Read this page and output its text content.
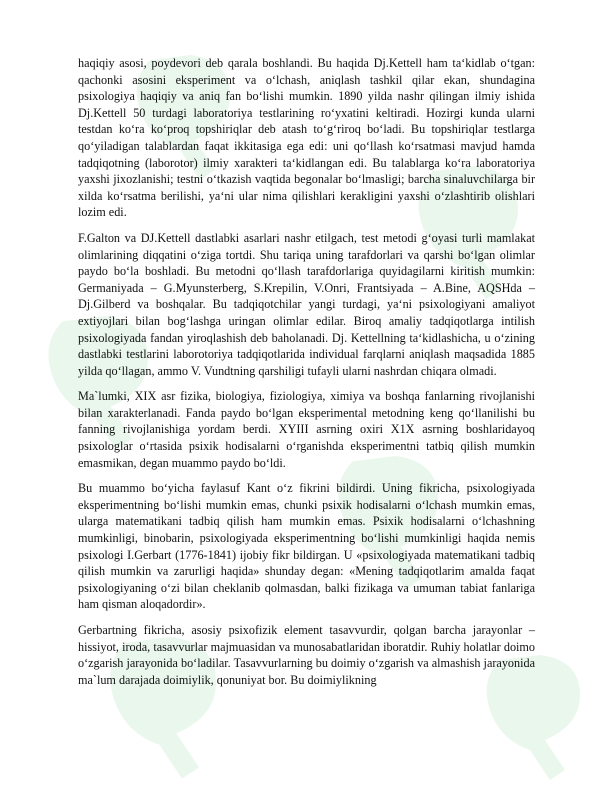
haqiqiy asosi, poydevori deb qarala boshlandi. Bu haqida Dj.Kettell ham ta‘kidlab o‘tgan: qachonki asosini eksperiment va o‘lchash, aniqlash tashkil qilar ekan, shundagina psixologiya haqiqiy va aniq fan bo‘lishi mumkin. 1890 yilda nashr qilingan ilmiy ishida Dj.Kettell 50 turdagi laboratoriya testlarining ro‘yxatini keltiradi. Hozirgi kunda ularni testdan ko‘ra ko‘proq topshiriqlar deb atash to‘g‘riroq bo‘ladi. Bu topshiriqlar testlarga qo‘yiladigan talablardan faqat ikkitasiga ega edi: uni qo‘llash ko‘rsatmasi mavjud hamda tadqiqotning (laborotor) ilmiy xarakteri ta‘kidlangan edi. Bu talablarga ko‘ra laboratoriya yaxshi jixozlanishi; testni o‘tkazish vaqtida begonalar bo‘lmasligi; barcha sinaluvchilarga bir xilda ko‘rsatma berilishi, ya‘ni ular nima qilishlari kerakligini yaxshi o‘zlashtirib olishlari lozim edi.

F.Galton va DJ.Kettell dastlabki asarlari nashr etilgach, test metodi g‘oyasi turli mamlakat olimlarining diqqatini o‘ziga tortdi. Shu tariqa uning tarafdorlari va qarshi bo‘lgan olimlar paydo bo‘la boshladi. Bu metodni qo‘llash tarafdorlariga quyidagilarni kiritish mumkin: Germaniyada – G.Myunsterberg, S.Krepilin, V.Onri, Frantsiyada – A.Bine, AQSHda – Dj.Gilberd va boshqalar. Bu tadqiqotchilar yangi turdagi, ya‘ni psixologiyani amaliyot extiyojlari bilan bog‘lashga uringan olimlar edilar. Biroq amaliy tadqiqotlarga intilish psixologiyada fandan yiroqlashish deb baholanadi. Dj. Kettellning ta‘kidlashicha, u o‘zining dastlabki testlarini laborotoriya tadqiqotlarida individual farqlarni aniqlash maqsadida 1885 yilda qo‘llagan, ammo V. Vundtning qarshiligi tufayli ularni nashrdan chiqara olmadi.

Ma`lumki, XIX asr fizika, biologiya, fiziologiya, ximiya va boshqa fanlarning rivojlanishi bilan xarakterlanadi. Fanda paydo bo‘lgan eksperimental metodning keng qo‘llanilishi bu fanning rivojlanishiga yordam berdi. XYIII asrning oxiri X1X asrning boshlaridayoq psixologlar o‘rtasida psixik hodisalarni o‘rganishda eksperimentni tatbiq qilish mumkin emasmikan, degan muammo paydo bo‘ldi.

Bu muammo bo‘yicha faylasuf Kant o‘z fikrini bildirdi. Uning fikricha, psixologiyada eksperimentning bo‘lishi mumkin emas, chunki psixik hodisalarni o‘lchash mumkin emas, ularga matematikani tadbiq qilish ham mumkin emas. Psixik hodisalarni o‘lchashning mumkinligi, binobarin, psixologiyada eksperimentning bo‘lishi mumkinligi haqida nemis psixologi I.Gerbart (1776-1841) ijobiy fikr bildirgan. U «psixologiyada matematikani tadbiq qilish mumkin va zarurligi haqida» shunday degan: «Mening tadqiqotlarim amalda faqat psixologiyaning o‘zi bilan cheklanib qolmasdan, balki fizikaga va umuman tabiat fanlariga ham qisman aloqadordir».

Gerbartning fikricha, asosiy psixofizik element tasavvurdir, qolgan barcha jarayonlar – hissiyot, iroda, tasavvurlar majmuasidan va munosabatlaridan iboratdir. Ruhiy holatlar doimo o‘zgarish jarayonida bo‘ladilar. Tasavvurlarning bu doimiy o‘zgarish va almashish jarayonida ma`lum darajada doimiylik, qonuniyat bor. Bu doimiylikning
